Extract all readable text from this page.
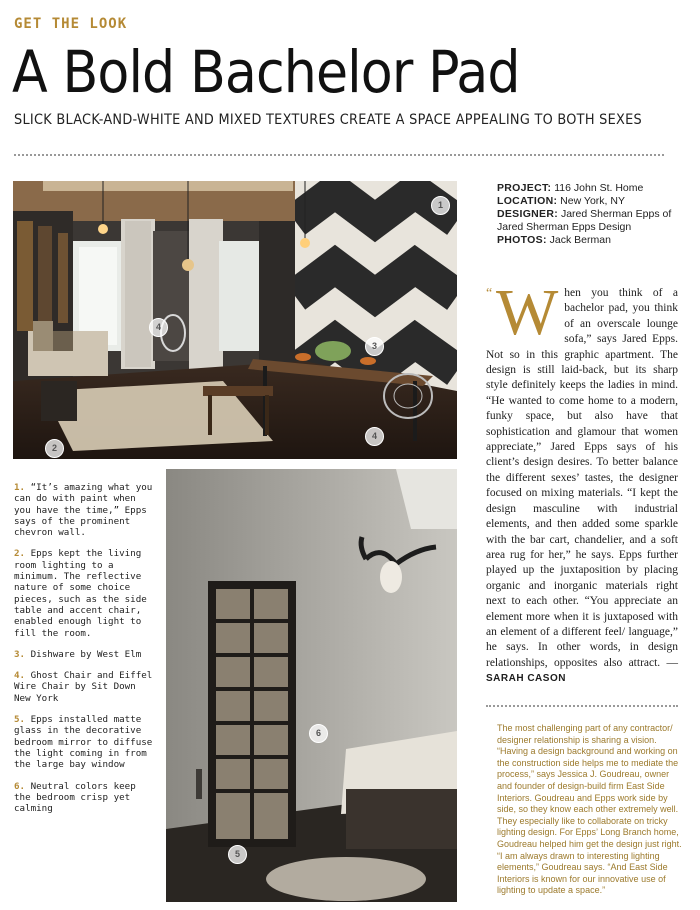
GET THE LOOK
A Bold Bachelor Pad
SLICK BLACK-AND-WHITE AND MIXED TEXTURES CREATE A SPACE APPEALING TO BOTH SEXES
1
2
3
4
4
6
5
PROJECT: 116 John St. Home
LOCATION: New York, NY
DESIGNER: Jared Sherman Epps of Jared Sherman Epps Design
PHOTOS: Jack Berman
“ W hen you think of a bachelor pad, you think of an overscale lounge sofa,” says Jared Epps. Not so in this graphic apartment. The design is still laid-back, but its sharp style definitely keeps the ladies in mind. “He wanted to come home to a modern, funky space, but also have that sophistication and glamour that women appreciate,” Jared Epps says of his client’s design desires. To better balance the different sexes’ tastes, the designer focused on mixing materials. “I kept the design masculine with industrial elements, and then added some sparkle with the bar cart, chandelier, and a soft area rug for her,” he says. Epps further played up the juxtaposition by placing organic and inorganic materials right next to each other. “You appreciate an element more when it is juxtaposed with an element of a different feel/ language,” he says. In other words, in design relationships, opposites also attract. —SARAH CASON

1. “It’s amazing what you can do with paint when you have the time,” Epps says of the prominent chevron wall.

2. Epps kept the living room lighting to a minimum. The reflective nature of some choice pieces, such as the side table and accent chair, enabled enough light to fill the room.

3. Dishware by West Elm

4. Ghost Chair and Eiffel Wire Chair by Sit Down New York

5. Epps installed matte glass in the decorative bedroom mirror to diffuse the light coming in from the large bay window

6. Neutral colors keep the bedroom crisp yet calming

The most challenging part of any contractor/ designer relationship is sharing a vision. “Having a design background and working on the construction side helps me to mediate the process,” says Jessica J. Goudreau, owner and founder of design-build firm East Side Interiors. Goudreau and Epps work side by side, so they know each other extremely well. They especially like to collaborate on tricky lighting design. For Epps’ Long Branch home, Goudreau helped him get the design just right. “I am always drawn to interesting lighting elements,” Goudreau says. “And East Side Interiors is known for our innovative use of lighting to update a space.”
